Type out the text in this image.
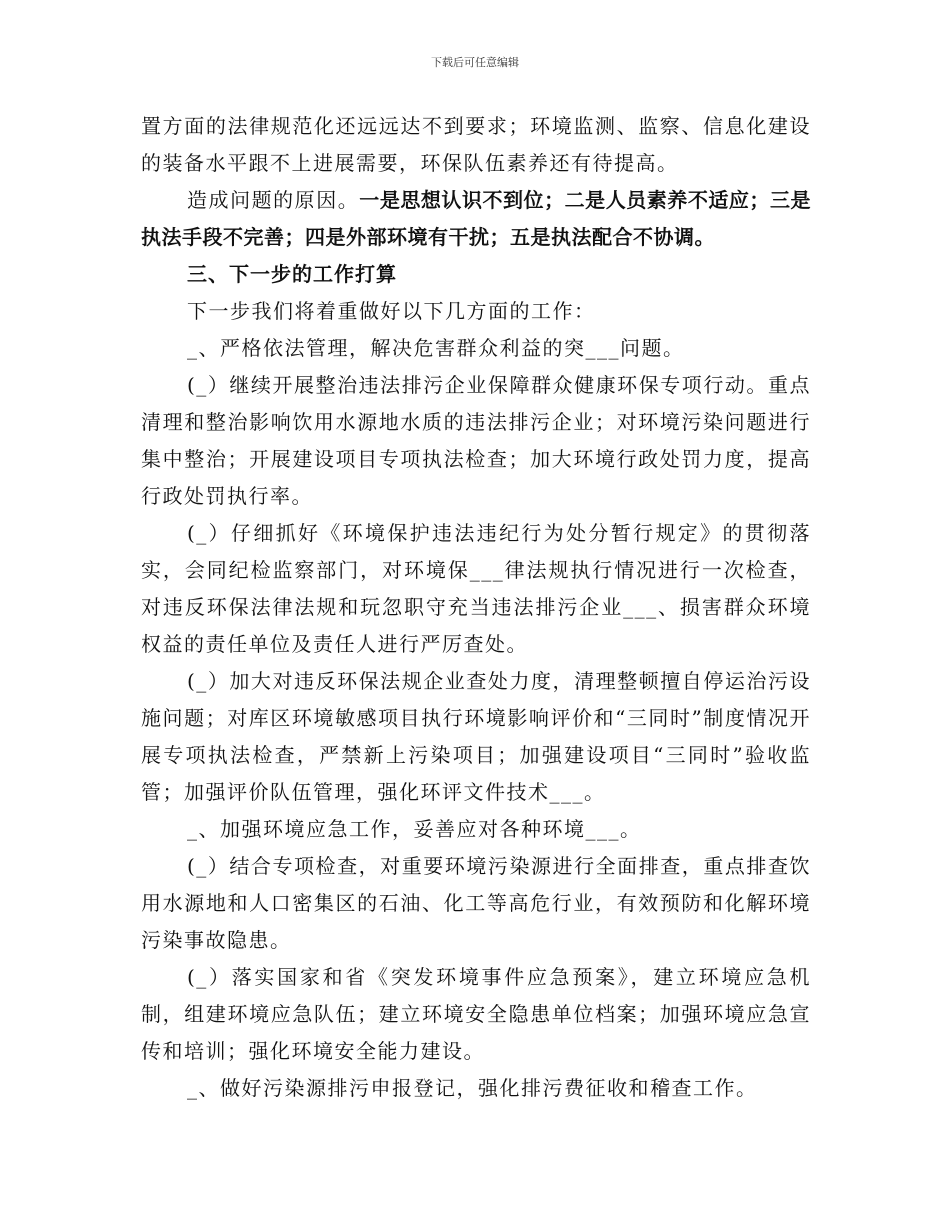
下载后可任意编辑

置方面的法律规范化还远远达不到要求；环境监测、监察、信息化建设的装备水平跟不上进展需要，环保队伍素养还有待提高。

造成问题的原因。一是思想认识不到位；二是人员素养不适应；三是执法手段不完善；四是外部环境有干扰；五是执法配合不协调。

三、下一步的工作打算

下一步我们将着重做好以下几方面的工作：

_、严格依法管理，解决危害群众利益的突___问题。

(_）继续开展整治违法排污企业保障群众健康环保专项行动。重点清理和整治影响饮用水源地水质的违法排污企业；对环境污染问题进行集中整治；开展建设项目专项执法检查；加大环境行政处罚力度，提高行政处罚执行率。

(_）仔细抓好《环境保护违法违纪行为处分暂行规定》的贯彻落实，会同纪检监察部门，对环境保___律法规执行情况进行一次检查，对违反环保法律法规和玩忽职守充当违法排污企业___、损害群众环境权益的责任单位及责任人进行严厉查处。

(_）加大对违反环保法规企业查处力度，清理整顿擅自停运治污设施问题；对库区环境敏感项目执行环境影响评价和“三同时”制度情况开展专项执法检查，严禁新上污染项目；加强建设项目“三同时”验收监管；加强评价队伍管理，强化环评文件技术___。

_、加强环境应急工作，妥善应对各种环境___。

(_）结合专项检查，对重要环境污染源进行全面排查，重点排查饮用水源地和人口密集区的石油、化工等高危行业，有效预防和化解环境污染事故隐患。

(_）落实国家和省《突发环境事件应急预案》，建立环境应急机制，组建环境应急队伍；建立环境安全隐患单位档案；加强环境应急宣传和培训；强化环境安全能力建设。

_、做好污染源排污申报登记，强化排污费征收和稽查工作。
